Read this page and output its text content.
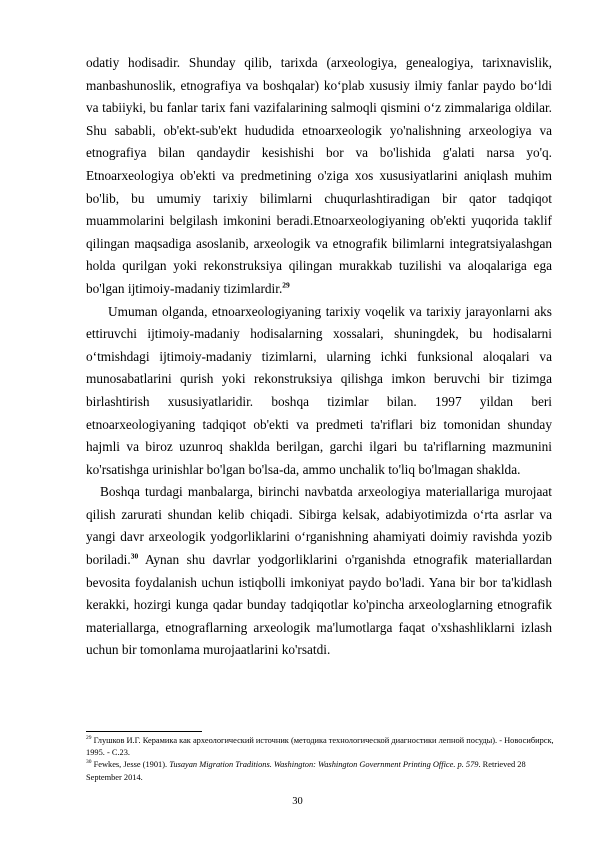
odatiy hodisadir. Shunday qilib, tarixda (arxeologiya, genealogiya, tarixnavislik, manbashunoslik, etnografiya va boshqalar) ko‘plab xususiy ilmiy fanlar paydo bo‘ldi va tabiiyki, bu fanlar tarix fani vazifalarining salmoqli qismini o‘z zimmalariga oldilar. Shu sababli, ob'ekt-sub'ekt hududida etnoarxeologik yo'nalishning arxeologiya va etnografiya bilan qandaydir kesishishi bor va bo'lishida g'alati narsa yo'q. Etnoarxeologiya ob'ekti va predmetining o'ziga xos xususiyatlarini aniqlash muhim bo'lib, bu umumiy tarixiy bilimlarni chuqurlashtiradigan bir qator tadqiqot muammolarini belgilash imkonini beradi.Etnoarxeologiyaning ob'ekti yuqorida taklif qilingan maqsadiga asoslanib, arxeologik va etnografik bilimlarni integratsiyalashgan holda qurilgan yoki rekonstruksiya qilingan murakkab tuzilishi va aloqalariga ega bo'lgan ijtimoiy-madaniy tizimlardir.$^{29}$

Umuman olganda, etnoarxeologiyaning tarixiy voqelik va tarixiy jarayonlarni aks ettiruvchi ijtimoiy-madaniy hodisalarning xossalari, shuningdek, bu hodisalarni o‘tmishdagi ijtimoiy-madaniy tizimlarni, ularning ichki funksional aloqalari va munosabatlarini qurish yoki rekonstruksiya qilishga imkon beruvchi bir tizimga birlashtirish xususiyatlaridir. boshqa tizimlar bilan. 1997 yildan beri etnoarxeologiyaning tadqiqot ob'ekti va predmeti ta'riflari biz tomonidan shunday hajmli va biroz uzunroq shaklda berilgan, garchi ilgari bu ta'riflarning mazmunini ko'rsatishga urinishlar bo'lgan bo'lsa-da, ammo unchalik to'liq bo'lmagan shaklda.

Boshqa turdagi manbalarga, birinchi navbatda arxeologiya materiallariga murojaat qilish zarurati shundan kelib chiqadi. Sibirga kelsak, adabiyotimizda o‘rta asrlar va yangi davr arxeologik yodgorliklarini o‘rganishning ahamiyati doimiy ravishda yozib boriladi.$^{30}$ Aynan shu davrlar yodgorliklarini o'rganishda etnografik materiallardan bevosita foydalanish uchun istiqbolli imkoniyat paydo bo'ladi. Yana bir bor ta'kidlash kerakki, hozirgi kunga qadar bunday tadqiqotlar ko'pincha arxeologlarning etnografik materiallarga, etnograflarning arxeologik ma'lumotlarga faqat o'xshashliklarni izlash uchun bir tomonlama murojaatlarini ko'rsatdi.

$^{29}$ Глушков И.Г. Керамика как археологический источник (методика технологической диагностики лепной посуды). - Новосибирск, 1995. - С.23.

$^{30}$ Fewkes, Jesse (1901). Tusayan Migration Traditions. Washington: Washington Government Printing Office. p. 579. Retrieved 28 September 2014.

30
